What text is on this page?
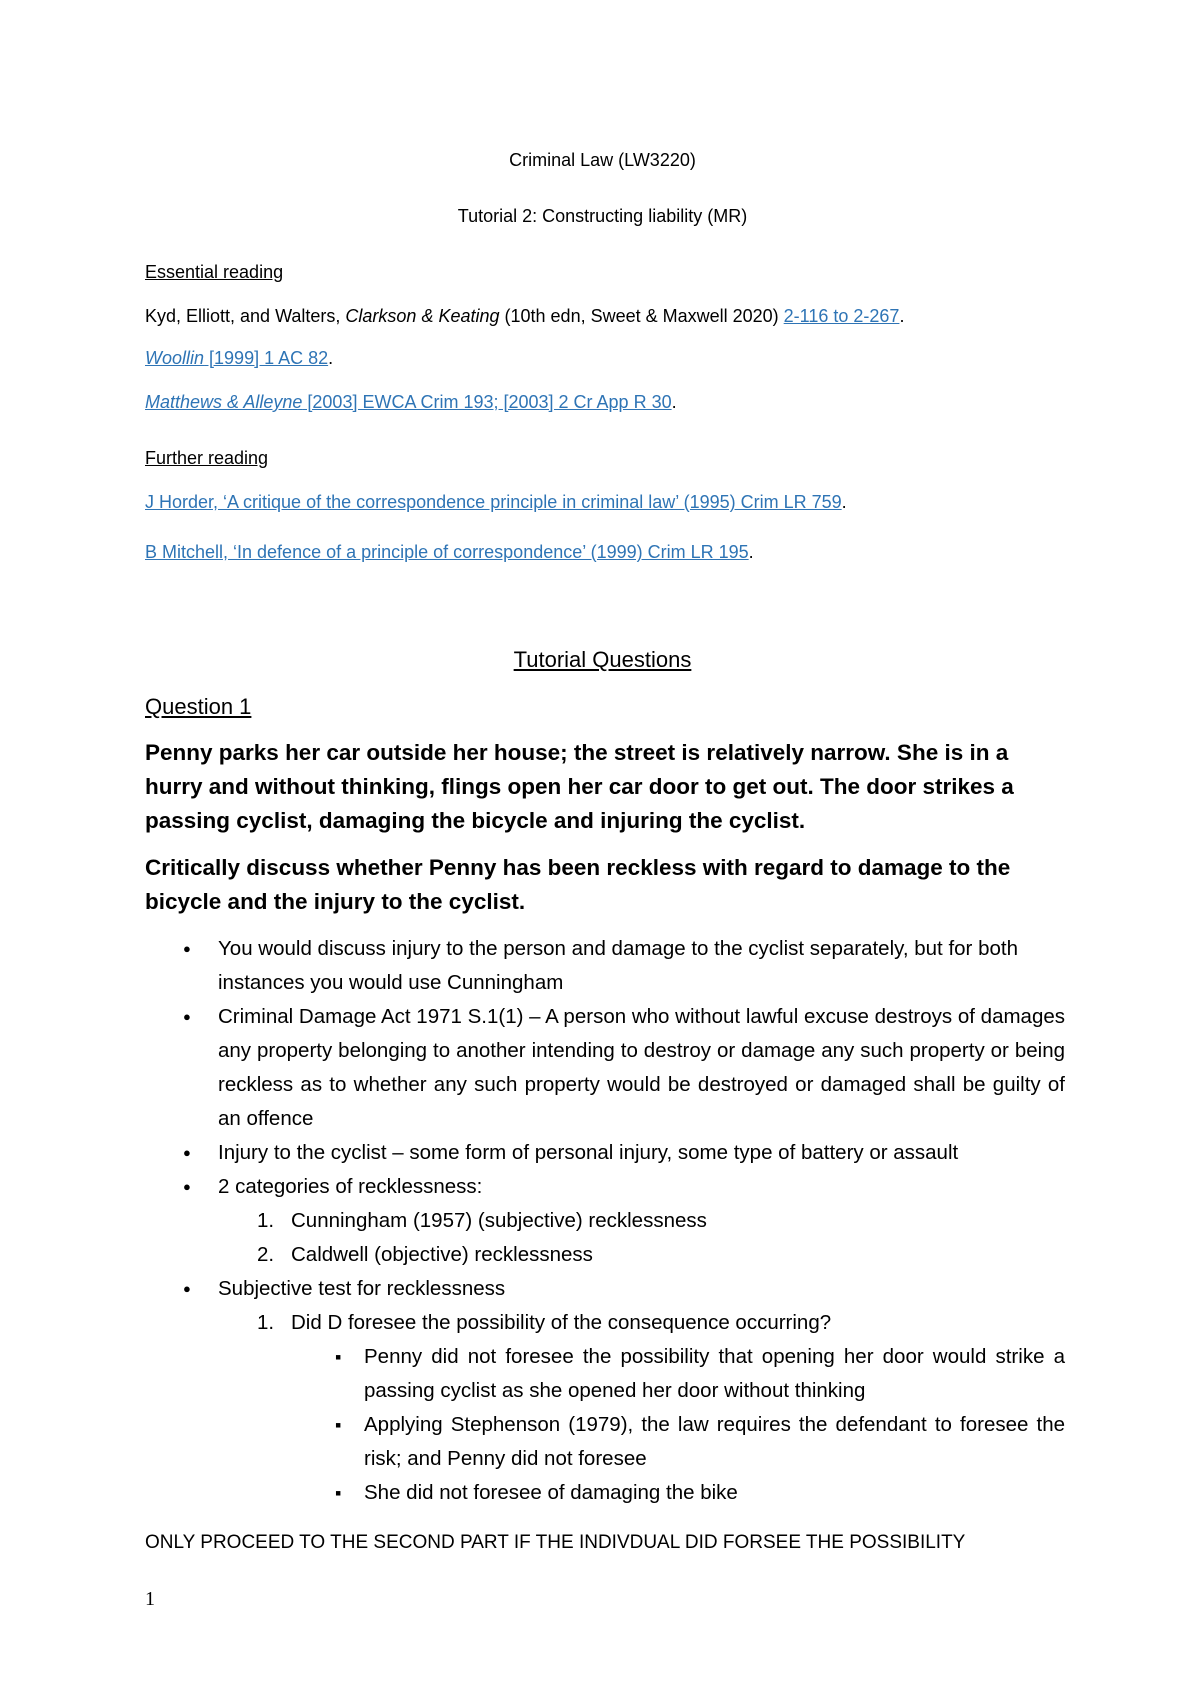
Criminal Law (LW3220)
Tutorial 2: Constructing liability (MR)
Essential reading
Kyd, Elliott, and Walters, Clarkson & Keating (10th edn, Sweet & Maxwell 2020) 2-116 to 2-267.
Woollin [1999] 1 AC 82.
Matthews & Alleyne [2003] EWCA Crim 193; [2003] 2 Cr App R 30.
Further reading
J Horder, ‘A critique of the correspondence principle in criminal law’ (1995) Crim LR 759.
B Mitchell, ‘In defence of a principle of correspondence’ (1999) Crim LR 195.
Tutorial Questions
Question 1
Penny parks her car outside her house; the street is relatively narrow. She is in a hurry and without thinking, flings open her car door to get out. The door strikes a passing cyclist, damaging the bicycle and injuring the cyclist.
Critically discuss whether Penny has been reckless with regard to damage to the bicycle and the injury to the cyclist.
● You would discuss injury to the person and damage to the cyclist separately, but for both instances you would use Cunningham
● Criminal Damage Act 1971 S.1(1) – A person who without lawful excuse destroys of damages any property belonging to another intending to destroy or damage any such property or being reckless as to whether any such property would be destroyed or damaged shall be guilty of an offence
● Injury to the cyclist – some form of personal injury, some type of battery or assault
● 2 categories of recklessness:
1. Cunningham (1957) (subjective) recklessness
2. Caldwell (objective) recklessness
● Subjective test for recklessness
1. Did D foresee the possibility of the consequence occurring?
▪ Penny did not foresee the possibility that opening her door would strike a passing cyclist as she opened her door without thinking
▪ Applying Stephenson (1979), the law requires the defendant to foresee the risk; and Penny did not foresee
▪ She did not foresee of damaging the bike
ONLY PROCEED TO THE SECOND PART IF THE INDIVDUAL DID FORSEE THE POSSIBILITY
1
